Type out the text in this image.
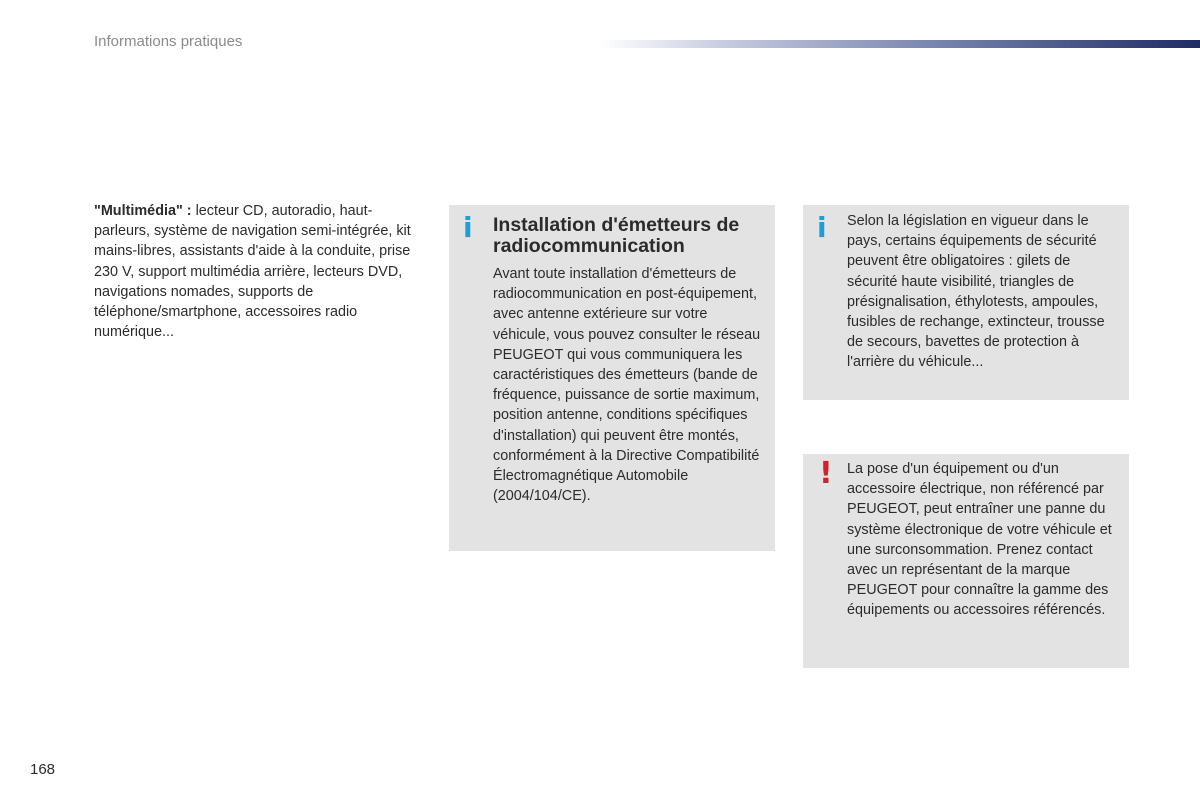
Informations pratiques
"Multimédia" : lecteur CD, autoradio, haut-parleurs, système de navigation semi-intégrée, kit mains-libres, assistants d'aide à la conduite, prise 230 V, support multimédia arrière, lecteurs DVD, navigations nomades, supports de téléphone/smartphone, accessoires radio numérique...
i Installation d'émetteurs de radiocommunication
Avant toute installation d'émetteurs de radiocommunication en post-équipement, avec antenne extérieure sur votre véhicule, vous pouvez consulter le réseau PEUGEOT qui vous communiquera les caractéristiques des émetteurs (bande de fréquence, puissance de sortie maximum, position antenne, conditions spécifiques d'installation) qui peuvent être montés, conformément à la Directive Compatibilité Électromagnétique Automobile (2004/104/CE).
i Selon la législation en vigueur dans le pays, certains équipements de sécurité peuvent être obligatoires : gilets de sécurité haute visibilité, triangles de présignalisation, éthylotests, ampoules, fusibles de rechange, extincteur, trousse de secours, bavettes de protection à l'arrière du véhicule...
! La pose d'un équipement ou d'un accessoire électrique, non référencé par PEUGEOT, peut entraîner une panne du système électronique de votre véhicule et une surconsommation. Prenez contact avec un représentant de la marque PEUGEOT pour connaître la gamme des équipements ou accessoires référencés.
168
